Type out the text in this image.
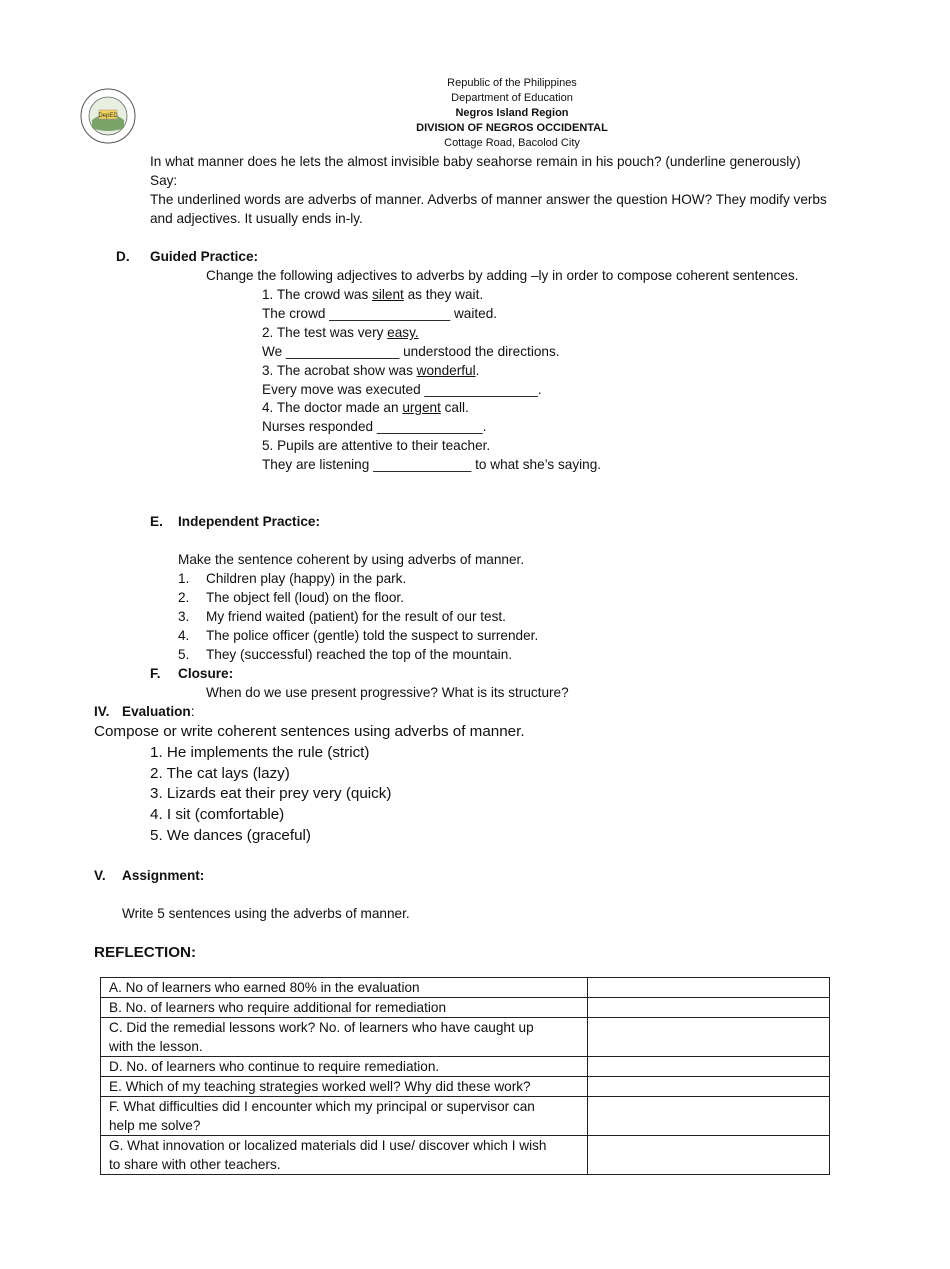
DepED
Republic of the Philippines
Department of Education
Negros Island Region
DIVISION OF NEGROS OCCIDENTAL
Cottage Road, Bacolod City
In what manner does he lets the almost invisible baby seahorse remain in his pouch? (underline generously)
Say:
The underlined words are adverbs of manner. Adverbs of manner answer the question HOW? They modify verbs
and adjectives. It usually ends in-ly.
D. Guided Practice:
Change the following adjectives to adverbs by adding –ly in order to compose coherent sentences.
1. The crowd was silent as they wait.
The crowd ________________ waited.
2. The test was very easy.
We _______________ understood the directions.
3. The acrobat show was wonderful.
Every move was executed _______________.
4. The doctor made an urgent call.
Nurses responded ______________.
5. Pupils are attentive to their teacher.
They are listening _____________ to what she’s saying.
E. Independent Practice:
Make the sentence coherent by using adverbs of manner.
1. Children play (happy) in the park.
2. The object fell (loud) on the floor.
3. My friend waited (patient) for the result of our test.
4. The police officer (gentle) told the suspect to surrender.
5. They (successful) reached the top of the mountain.
F. Closure:
When do we use present progressive? What is its structure?
IV. Evaluation:
Compose or write coherent sentences using adverbs of manner.
1. He implements the rule (strict)
2. The cat lays (lazy)
3. Lizards eat their prey very (quick)
4. I sit (comfortable)
5. We dances (graceful)
V. Assignment:
Write 5 sentences using the adverbs of manner.
REFLECTION:
A. No of learners who earned 80% in the evaluation	
B. No. of learners who require additional for remediation	
C. Did the remedial lessons work? No. of learners who have caught up
with the lesson.	
D. No. of learners who continue to require remediation.	
E. Which of my teaching strategies worked well? Why did these work?	
F. What difficulties did I encounter which my principal or supervisor can
help me solve?	
G. What innovation or localized materials did I use/ discover which I wish
to share with other teachers.	
